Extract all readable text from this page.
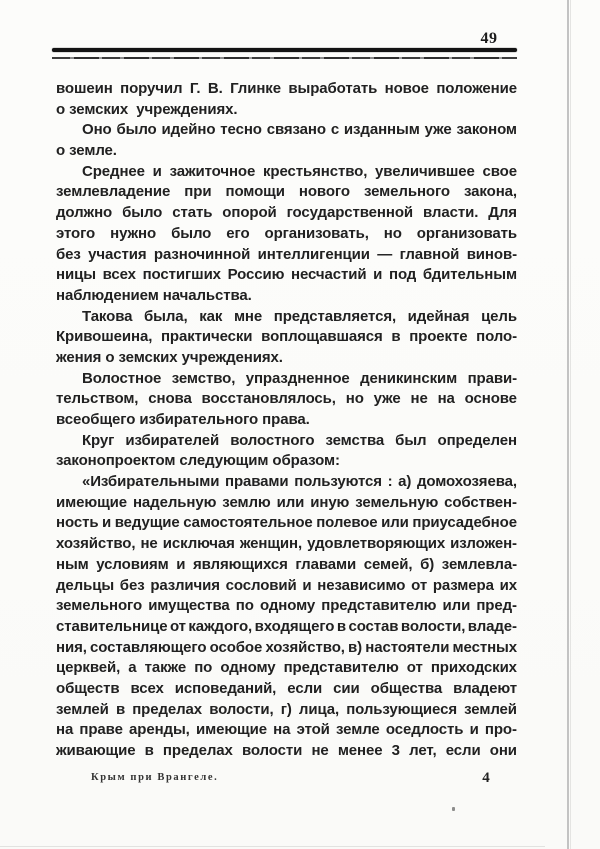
49
вошеин поручил Г. В. Глинке выработать новое положение
о земских  учреждениях.
Оно было идейно тесно связано с изданным уже законом
о земле.
Среднее и зажиточное крестьянство, увеличившее свое
землевладение при помощи нового земельного закона,
должно было стать опорой государственной власти. Для
этого нужно было его организовать, но организовать
без участия разночинной интеллигенции — главной винов-
ницы всех постигших Россию несчастий и под бдительным
наблюдением начальства.
Такова была, как мне представляется, идейная цель
Кривошеина, практически воплощавшаяся в проекте поло-
жения о земских учреждениях.
Волостное земство, упраздненное деникинским прави-
тельством, снова восстановлялось, но уже не на основе
всеобщего избирательного права.
Круг избирателей волостного земства был определен
законопроектом следующим образом:
«Избирательными правами пользуются : а) домохозяева,
имеющие надельную землю или иную земельную собствен-
ность и ведущие самостоятельное полевое или приусадебное
хозяйство, не исключая женщин, удовлетворяющих изложен-
ным условиям и являющихся главами семей, б) землевла-
дельцы без различия сословий и независимо от размера их
земельного имущества по одному представителю или пред-
ставительнице от каждого, входящего в состав волости, владе-
ния, составляющего особое хозяйство, в) настоятели местных
церквей, а также по одному представителю от приходских
обществ всех исповеданий, если сии общества владеют
землей в пределах волости, г) лица, пользующиеся землей
на праве аренды, имеющие на этой земле оседлость и про-
живающие в пределах волости не менее 3 лет, если они
Крым при Врангеле.	4
